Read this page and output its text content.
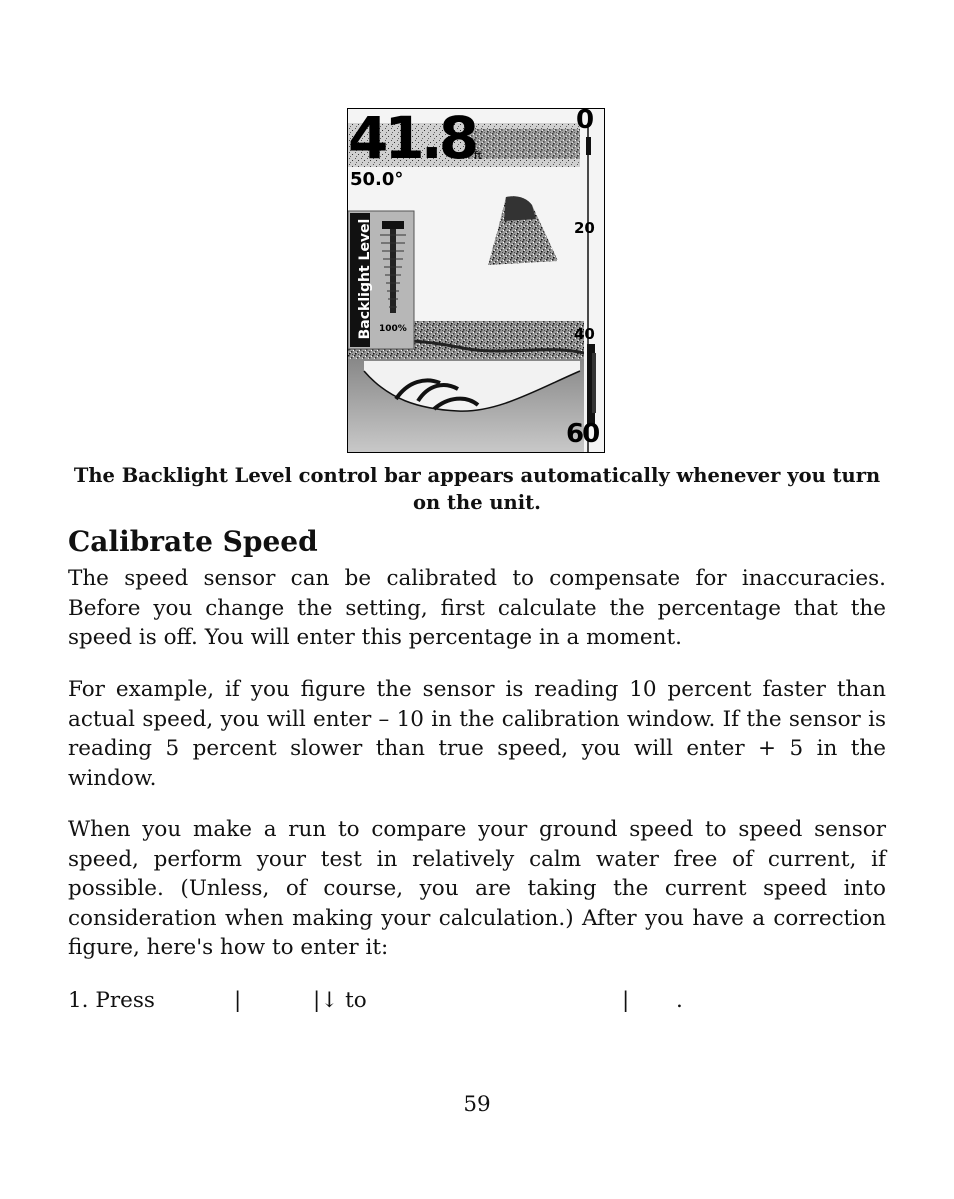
41.8
ft
50.0°
Backlight Level 100%
0
20
40
60
The Backlight Level control bar appears automatically whenever you turn on the unit.
Calibrate Speed
The speed sensor can be calibrated to compensate for inaccuracies. Before you change the setting, first calculate the percentage that the speed is off. You will enter this percentage in a moment.
For example, if you figure the sensor is reading 10 percent faster than actual speed, you will enter – 10 in the calibration window. If the sensor is reading 5 percent slower than true speed, you will enter + 5 in the window.
When you make a run to compare your ground speed to speed sensor speed, perform your test in relatively calm water free of current, if possible. (Unless, of course, you are taking the current speed into consideration when making your calculation.) After you have a correction figure, here's how to enter it:
1. Press	|	|↓ to	| .
59
